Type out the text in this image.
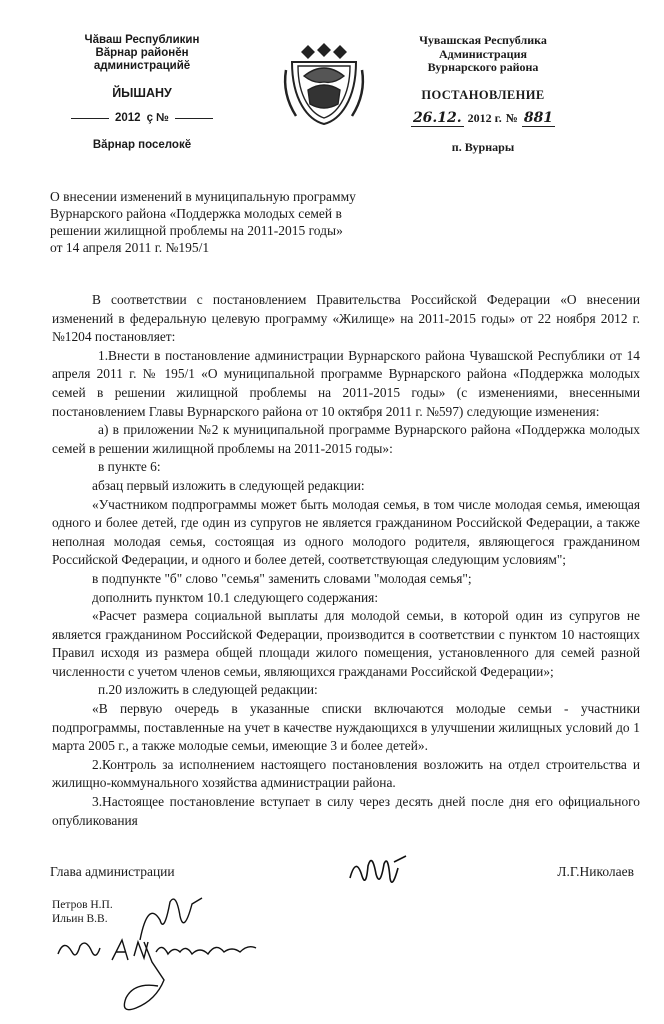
Чăваш Республикин
Вăрнар районĕн
администрацийĕ
ЙЫШАНУ
2012 ç №
Вăрнар поселокĕ
Чувашская Республика
Администрация
Вурнарского района
ПОСТАНОВЛЕНИЕ
26.12. 2012 г. № 881
п. Вурнары
О внесении изменений в муниципальную программу
Вурнарского района «Поддержка молодых семей в
решении жилищной проблемы на 2011-2015 годы»
от 14 апреля 2011 г. №195/1

В соответствии с постановлением Правительства Российской Федерации «О внесении изменений в федеральную целевую программу «Жилище» на 2011-2015 годы» от 22 ноября 2012 г. №1204 постановляет:

1.Внести в постановление администрации Вурнарского района Чувашской Республики от 14 апреля 2011 г. № 195/1 «О муниципальной программе Вурнарского района «Поддержка молодых семей в решении жилищной проблемы на 2011-2015 годы» (с изменениями, внесенными постановлением Главы Вурнарского района от 10 октября 2011 г. №597) следующие изменения:

а) в приложении №2 к муниципальной программе Вурнарского района «Поддержка молодых семей в решении жилищной проблемы на 2011-2015 годы»:

в пункте 6:

абзац первый изложить в следующей редакции:

«Участником подпрограммы может быть молодая семья, в том числе молодая семья, имеющая одного и более детей, где один из супругов не является гражданином Российской Федерации, а также неполная молодая семья, состоящая из одного молодого родителя, являющегося гражданином Российской Федерации, и одного и более детей, соответствующая следующим условиям";

в подпункте "б" слово "семья" заменить словами "молодая семья";

дополнить пунктом 10.1 следующего содержания:

«Расчет размера социальной выплаты для молодой семьи, в которой один из супругов не является гражданином Российской Федерации, производится в соответствии с пунктом 10 настоящих Правил исходя из размера общей площади жилого помещения, установленного для семей разной численности с учетом членов семьи, являющихся гражданами Российской Федерации»;

п.20 изложить в следующей редакции:

«В первую очередь в указанные списки включаются молодые семьи - участники подпрограммы, поставленные на учет в качестве нуждающихся в улучшении жилищных условий до 1 марта 2005 г., а также молодые семьи, имеющие 3 и более детей».

2.Контроль за исполнением настоящего постановления возложить на отдел строительства и жилищно-коммунального хозяйства администрации района.

3.Настоящее постановление вступает в силу через десять дней после дня его официального опубликования

Глава администрации	Л.Г.Николаев
Петров Н.П.
Ильин В.В.
